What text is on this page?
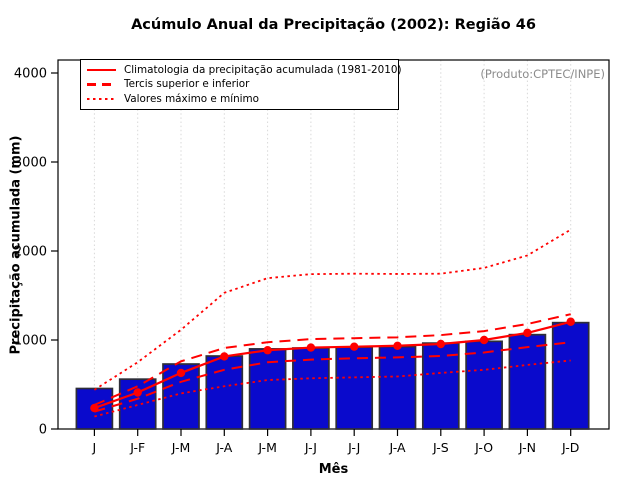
0
1000
2000
3000
4000
J	J-F J-M J-A J-M J-J J-J J-A J-S J-O J-N J-D
Acúmulo Anual da Precipitação (2002): Região 46
Precipitação acumulada (mm)
Mês
(Produto:CPTEC/INPE)
Climatologia da precipitação acumulada (1981-2010)
Tercis superior e inferior
Valores máximo e mínimo
